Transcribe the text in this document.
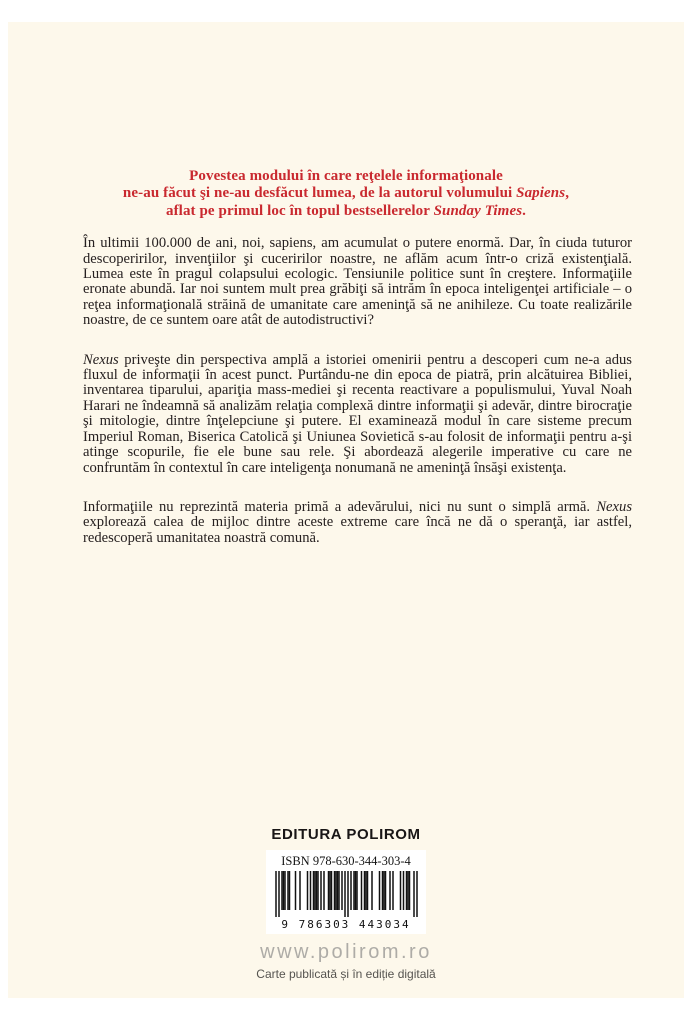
Povestea modului în care reţelele informaţionale
ne-au făcut şi ne-au desfăcut lumea, de la autorul volumului Sapiens,
aflat pe primul loc în topul bestsellerelor Sunday Times.

În ultimii 100.000 de ani, noi, sapiens, am acumulat o putere enormă. Dar, în ciuda tuturor descoperirilor, invenţiilor şi cuceririlor noastre, ne aflăm acum într-o criză existenţială. Lumea este în pragul colapsului ecologic. Tensiunile politice sunt în creştere. Informaţiile eronate abundă. Iar noi suntem mult prea grăbiţi să intrăm în epoca inteligenţei artificiale – o reţea informaţională străină de umanitate care ameninţă să ne anihileze. Cu toate realizările noastre, de ce suntem oare atât de autodistructivi?

Nexus priveşte din perspectiva amplă a istoriei omenirii pentru a descoperi cum ne-a adus fluxul de informaţii în acest punct. Purtându-ne din epoca de piatră, prin alcătuirea Bibliei, inventarea tiparului, apariţia mass-mediei şi recenta reactivare a populismului, Yuval Noah Harari ne îndeamnă să analizăm relaţia complexă dintre informaţii şi adevăr, dintre birocraţie şi mitologie, dintre înţelepciune şi putere. El examinează modul în care sisteme precum Imperiul Roman, Biserica Catolică şi Uniunea Sovietică s-au folosit de informaţii pentru a-şi atinge scopurile, fie ele bune sau rele. Şi abordează alegerile imperative cu care ne confruntăm în contextul în care inteligenţa nonumană ne ameninţă însăşi existenţa.

Informaţiile nu reprezintă materia primă a adevărului, nici nu sunt o simplă armă. Nexus explorează calea de mijloc dintre aceste extreme care încă ne dă o speranţă, iar astfel, redescoperă umanitatea noastră comună.

EDITURA POLIROM
ISBN 978-630-344-303-4
9 786303 443034
www.polirom.ro
Carte publicată și în ediție digitală
